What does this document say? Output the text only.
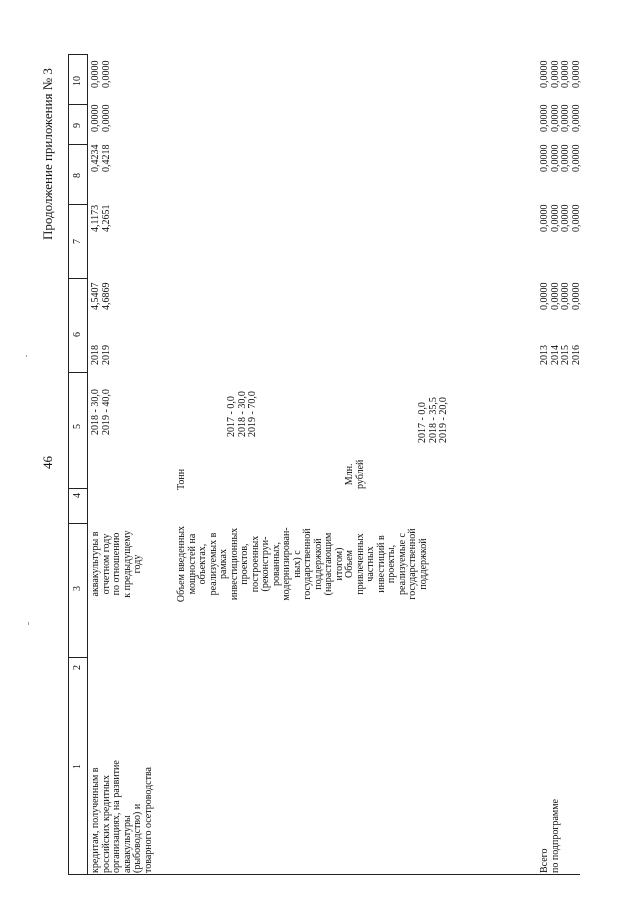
46
Продолжение приложения № 3
1
2
3
4
5
6
7
8
9
10
кредитам, полученным в российских кредитных организациях, на развитие аквакультуры (рыбоводство) и товарного осетроводства
аквакультуры в отчетном году по отношению к предыдущему году
2018 - 30,0 2019 - 40,0
2018 2019
4,5407 4,6869
4,1173 4,2651
0,4234 0,4218
0,0000 0,0000
0,0000 0,0000
Объем введенных мощностей на объектах, реализуемых в рамках инвестиционных проектов, построенных (реконструи- рованных, модернизирован- ных) с государственной поддержкой (нарастающим итогом)
Тонн
2017 - 0,0 2018 - 30,0 2019 - 70,0
Объем привлеченных частных инвестиций в проекты, реализуемые с государственной поддержкой
Млн. рублей
2017 - 0,0 2018 - 35,5 2019 - 20,0
Всего по подпрограмме
2013 2014 2015 2016
0,0000 0,0000 0,0000 0,0000
0,0000 0,0000 0,0000 0,0000
0,0000 0,0000 0,0000 0,0000
0,0000 0,0000 0,0000 0,0000
0,0000 0,0000 0,0000 0,0000
